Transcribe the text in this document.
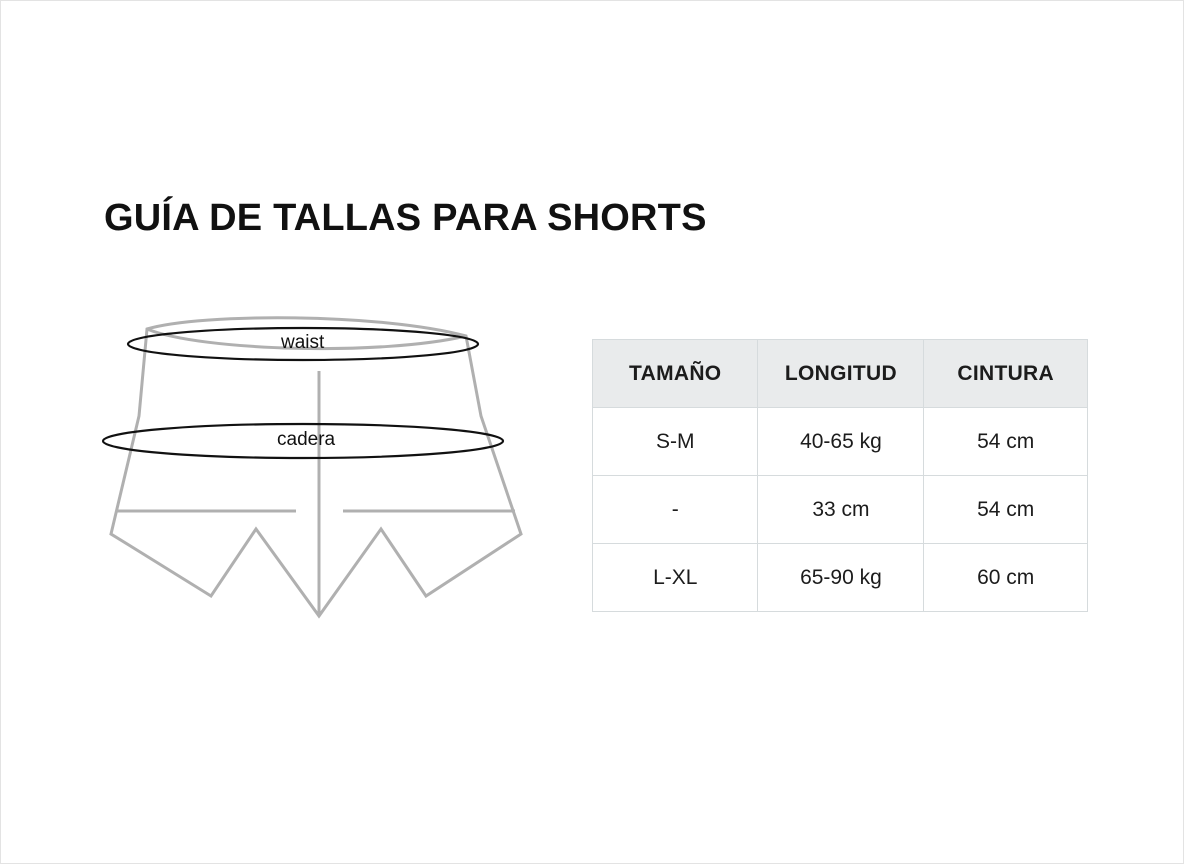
GUÍA DE TALLAS PARA SHORTS
waist
cadera
TAMAÑO	LONGITUD	CINTURA
S-M	40-65 kg	54 cm
-	33 cm	54 cm
L-XL	65-90 kg	60 cm
